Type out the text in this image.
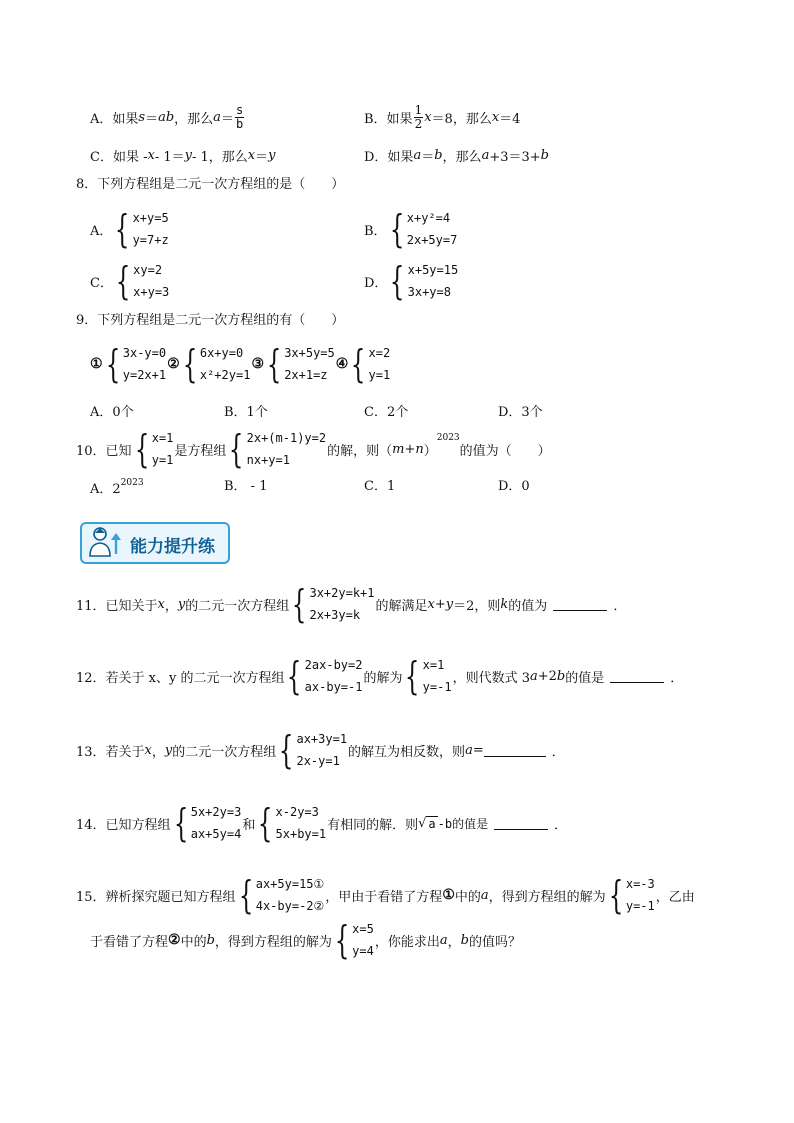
A．如果 s ＝ ab ，那么 $a = \frac{s}{b}$	B．如果 $\frac{1}{2}$ x ＝8，那么 x ＝4
C．如果 - x - 1＝ y - 1，那么 x ＝ y	D．如果 a ＝ b ，那么 a +3＝3+ b
8．下列方程组是二元一次方程组的是（　　）
A． { x+y=5
y=7+z
B． { x+y²=4
2x+5y=7
C． { xy=2
x+y=3
D． { x+5y=15
3x+y=8
9．下列方程组是二元一次方程组的有（　　）
① { 3x-y=0
y=2x+1
② { 6x+y=0
x²+2y=1
③ { 3x+5y=5
2x+1=z
④ { x=2
y=1
A．0个	B．1个	C．2个	D．3个
10．已知 { x=1
y=1
是方程组 { 2x+(m-1)y=2
nx+y=1
的解，则（ m + n ）
$^{2023}$
的值为（　　）
A．$2^{2023}$	B． - 1	C．1	D．0
能力提升练
11．已知关于 x ， y 的二元一次方程组 { 3x+2y=k+1
2x+3y=k
的解满足 x + y ＝2，则 k 的值为	．
12．若关于 x、y 的二元一次方程组 { 2ax-by=2
ax-by=-1
的解为 { x=1
y=-1
，则代数式 3 a +2 b 的值是	．
13．若关于 x ， y 的二元一次方程组 { ax+3y=1
2x-y=1
的解互为相反数，则 a =	．
14．已知方程组 { 5x+2y=3
ax+5y=4
和 { x-2y=3
5x+by=1
有相同的解．则 √ a -b的值是	．
15．辨析探究题已知方程组 { ax+5y=15①
4x-by=-2②
，甲由于看错了方程 ① 中的 a ，得到方程组的解为 { x=-3
y=-1
，乙由
于看错了方程 ② 中的 b ，得到方程组的解为 { x=5
y=4
，你能求出 a ， b 的值吗？
